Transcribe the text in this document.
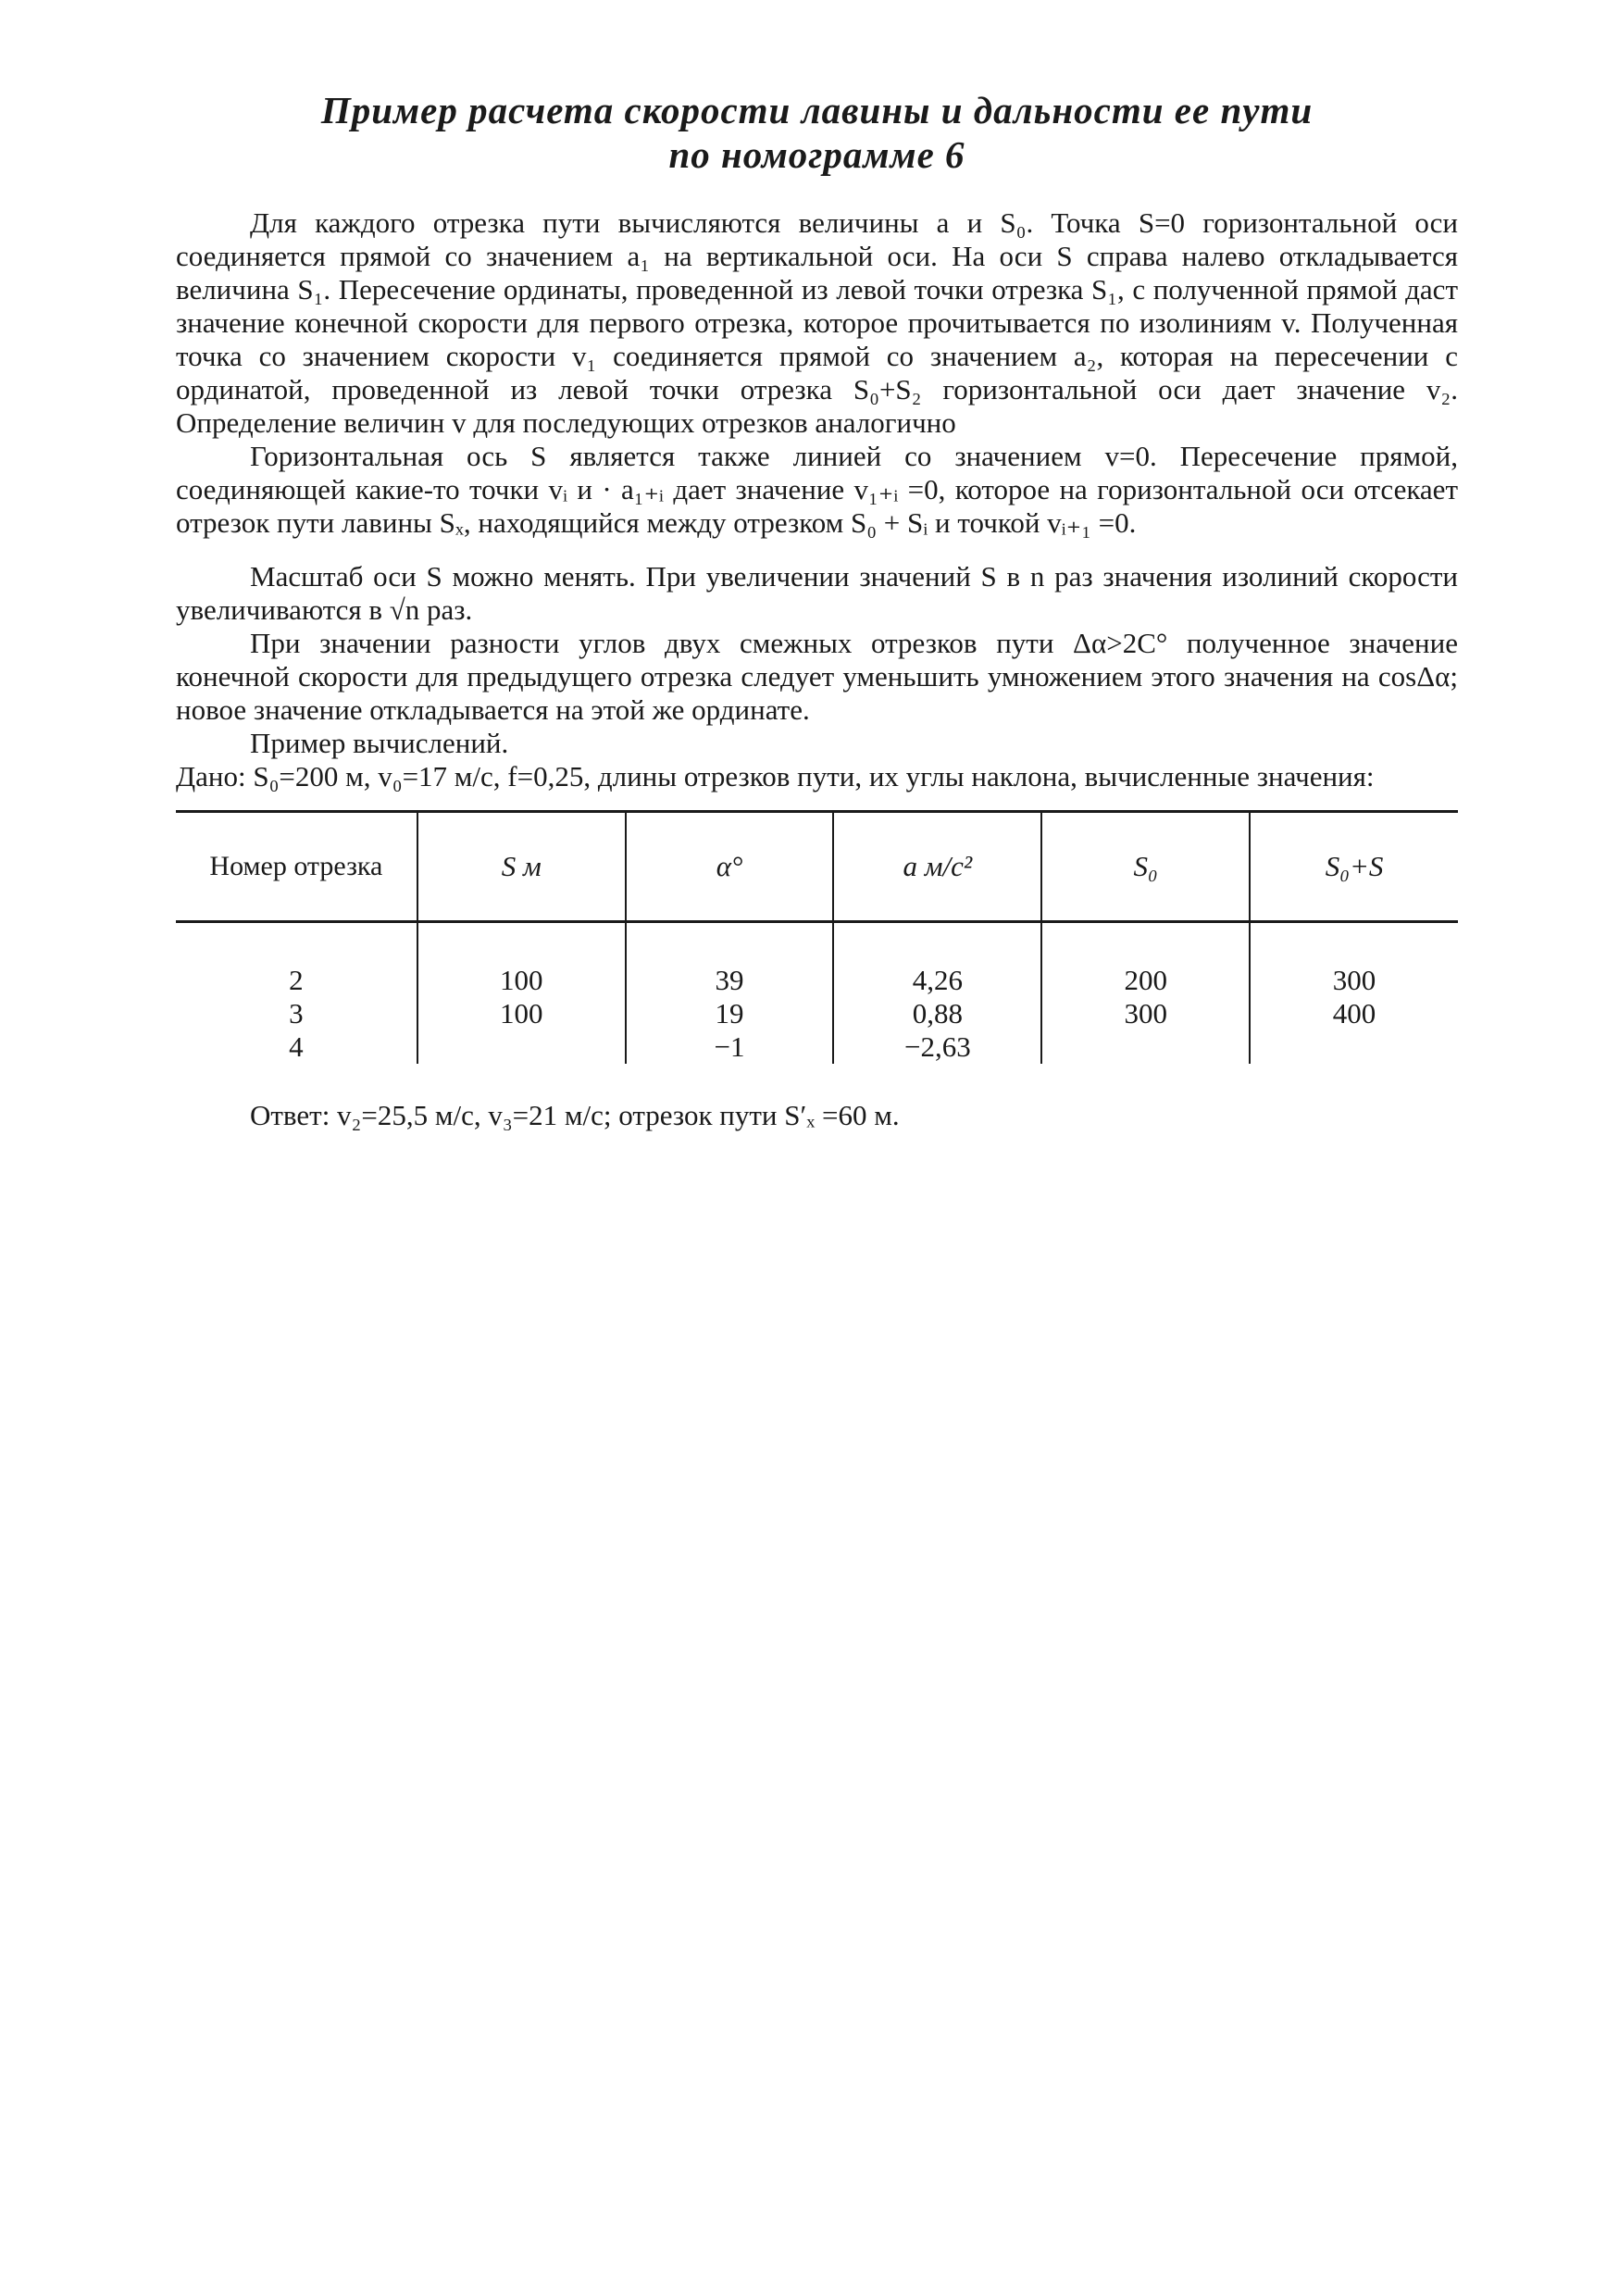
Пример расчета скорости лавины и дальности ее пути
по номограмме 6

Для каждого отрезка пути вычисляются величины a и S₀. Точка S=0 горизонтальной оси соединяется прямой со значением a₁ на вертикальной оси. На оси S справа налево откладывается величина S₁. Пересечение ординаты, проведенной из левой точки отрезка S₁, с полученной прямой даст значение конечной скорости для первого отрезка, которое прочитывается по изолиниям v. Полученная точка со значением скорости v₁ соединяется прямой со значением a₂, которая на пересечении с ординатой, проведенной из левой точки отрезка S₀+S₂ горизонтальной оси дает значение v₂. Определение величин v для последующих отрезков аналогично

Горизонтальная ось S является также линией со значением v=0. Пересечение прямой, соединяющей какие-то точки vᵢ и · a₁₊ᵢ дает значение v₁₊ᵢ =0, которое на горизонтальной оси отсекает отрезок пути лавины Sₓ, находящийся между отрезком S₀ + Sᵢ и точкой vᵢ₊₁ =0.

Масштаб оси S можно менять. При увеличении значений S в n раз значения изолиний скорости увеличиваются в √n раз.

При значении разности углов двух смежных отрезков пути Δα>2C° полученное значение конечной скорости для предыдущего отрезка следует уменьшить умножением этого значения на cosΔα; новое значение откладывается на этой же ординате.

Пример вычислений.

Дано: S₀=200 м, v₀=17 м/с, f=0,25, длины отрезков пути, их углы наклона, вычисленные значения:

Номер отрезка	S м	α°	a м/с²	S₀	S₀+S

2	100	39	4,26	200	300
3	100	19	0,88	300	400
4		−1	−2,63		

Ответ: v₂=25,5 м/с, v₃=21 м/с; отрезок пути S′ₓ =60 м.
